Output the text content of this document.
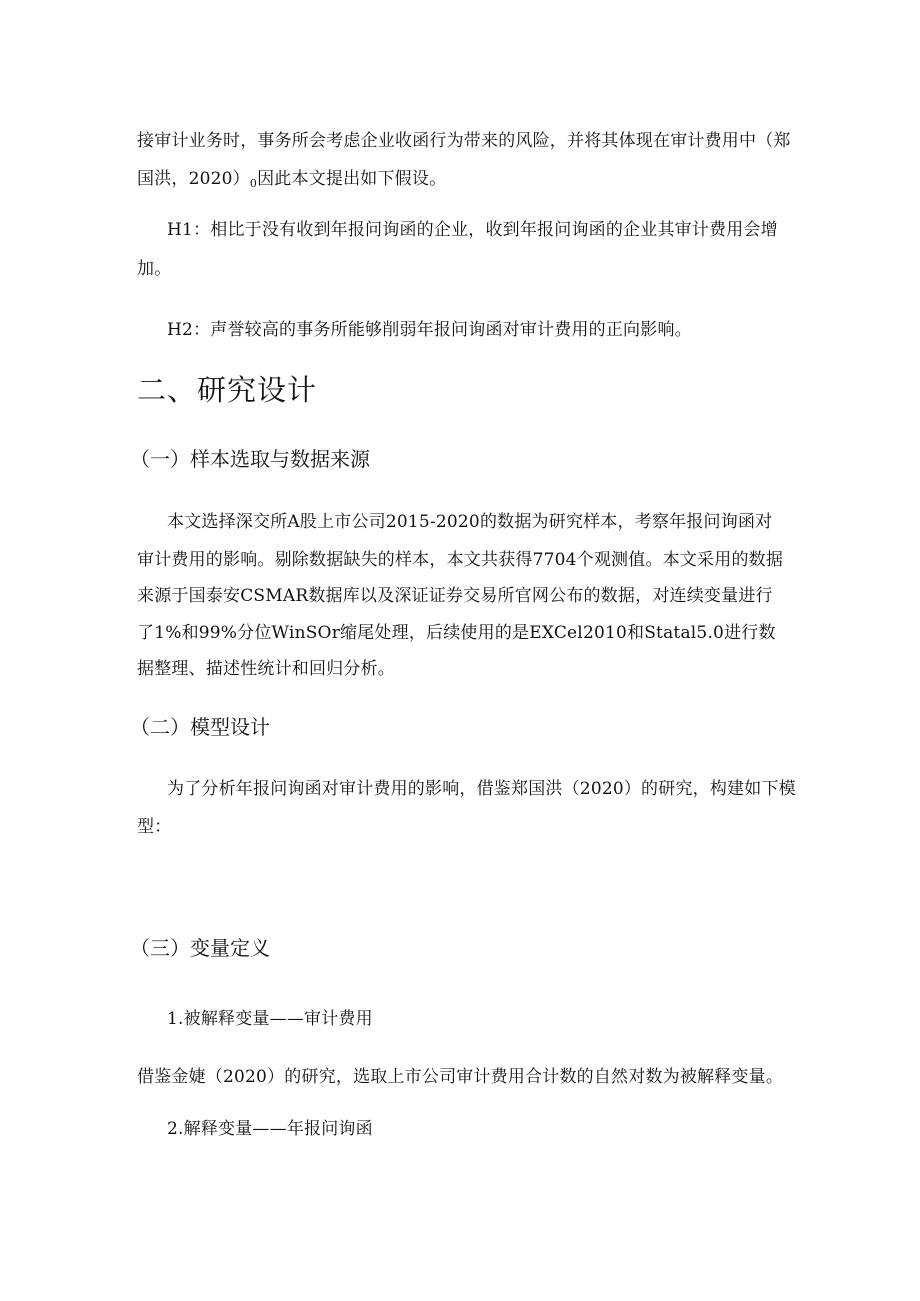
接审计业务时，事务所会考虑企业收函行为带来的风险，并将其体现在审计费用中（郑
国洪，$2020)_0$因此本文提出如下假设。
H1：相比于没有收到年报问询函的企业，收到年报问询函的企业其审计费用会增
加。
H2：声誉较高的事务所能够削弱年报问询函对审计费用的正向影响。
二、研究设计
（一）样本选取与数据来源
本文选择深交所A股上市公司2015-2020的数据为研究样本，考察年报问询函对
审计费用的影响。剔除数据缺失的样本，本文共获得7704个观测值。本文采用的数据
来源于国泰安CSMAR数据库以及深证证券交易所官网公布的数据，对连续变量进行
了1%和99%分位WinSOr缩尾处理，后续使用的是EXCel2010和Statal5.0进行数
据整理、描述性统计和回归分析。
（二）模型设计
为了分析年报问询函对审计费用的影响，借鉴郑国洪（2020）的研究，构建如下模
型：
（三）变量定义
1.被解释变量——审计费用
借鉴金婕（2020）的研究，选取上市公司审计费用合计数的自然对数为被解释变量。
2.解释变量——年报问询函
